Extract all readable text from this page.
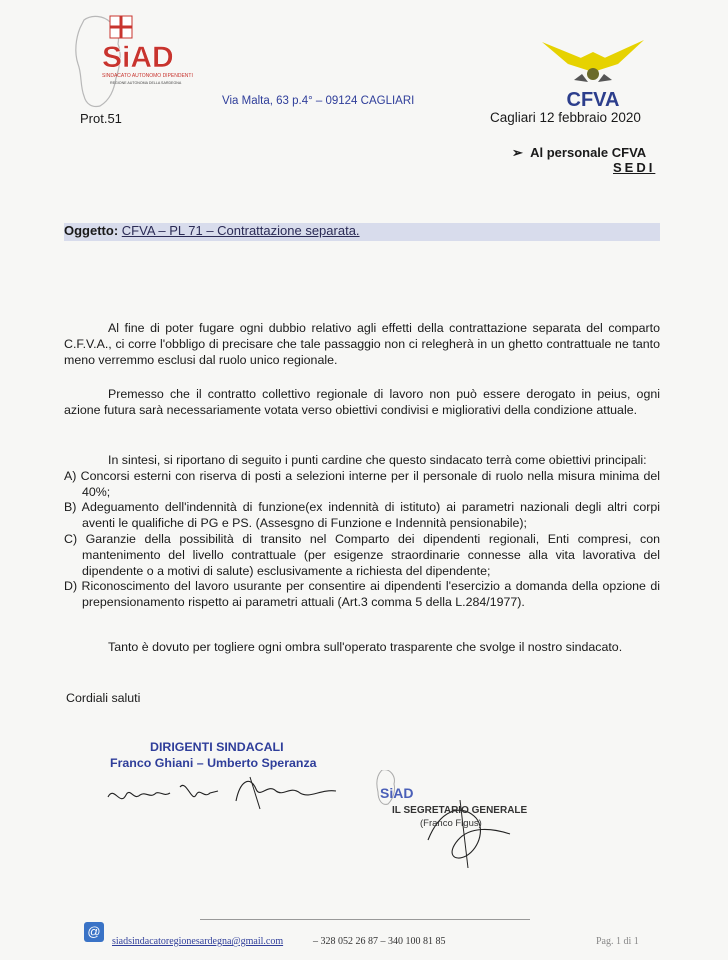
SiAD
SINDACATO AUTONOMO DIPENDENTI
REGIONE AUTONOMA DELLA SARDEGNA
CFVA
Via Malta, 63 p.4° – 09124 CAGLIARI
Prot.51	Cagliari 12 febbraio 2020
➢  Al personale CFVA
SEDI
Oggetto: CFVA – PL 71 – Contrattazione separata.
Al fine di poter fugare ogni dubbio relativo agli effetti della contrattazione separata del comparto C.F.V.A., ci corre l'obbligo di precisare che tale passaggio non ci relegherà in un ghetto contrattuale ne tanto meno verremmo esclusi dal ruolo unico regionale.
Premesso che il contratto collettivo regionale di lavoro non può essere derogato in peius, ogni azione futura sarà necessariamente votata verso obiettivi condivisi e migliorativi della condizione attuale.
In sintesi, si riportano di seguito i punti cardine che questo sindacato terrà come obiettivi principali:
A) Concorsi esterni con riserva di posti a selezioni interne per il personale di ruolo nella misura minima del 40%;
B) Adeguamento dell'indennità di funzione(ex indennità di istituto) ai parametri nazionali degli altri corpi aventi le qualifiche di PG e PS. (Assesgno di Funzione e Indennità pensionabile);
C) Garanzie della possibilità di transito nel Comparto dei dipendenti regionali, Enti compresi, con mantenimento del livello contrattuale (per esigenze straordinarie connesse alla vita lavorativa del dipendente o a motivi di salute) esclusivamente a richiesta del dipendente;
D) Riconoscimento del lavoro usurante per consentire ai dipendenti l'esercizio a domanda della opzione di prepensionamento rispetto ai parametri attuali (Art.3 comma 5 della L.284/1977).
Tanto è dovuto per togliere ogni ombra sull'operato trasparente che svolge il nostro sindacato.
Cordiali saluti
DIRIGENTI SINDACALI
Franco Ghiani – Umberto Speranza
SiAD
IL SEGRETARIO GENERALE
(Franco Figus)
@
siadsindacatoregionesardegna@gmail.com	– 328 052 26 87 – 340 100 81 85	Pag. 1 di 1
